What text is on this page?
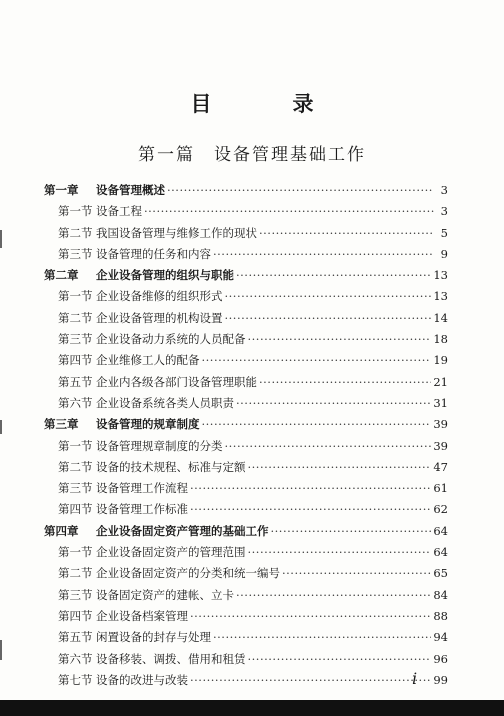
目　录
第一篇　设备管理基础工作
第一章	设备管理概述 ·····	3
第一节 设备工程 ·····	3
第二节 我国设备管理与维修工作的现状 ·····	5
第三节 设备管理的任务和内容 ·····	9
第二章	企业设备管理的组织与职能 ·····	13
第一节 企业设备维修的组织形式 ·····	13
第二节 企业设备管理的机构设置 ·····	14
第三节 企业设备动力系统的人员配备 ·····	18
第四节 企业维修工人的配备 ·····	19
第五节 企业内各级各部门设备管理职能 ·····	21
第六节 企业设备系统各类人员职责 ·····	31
第三章	设备管理的规章制度 ·····	39
第一节 设备管理规章制度的分类 ·····	39
第二节 设备的技术规程、标准与定额 ·····	47
第三节 设备管理工作流程 ·····	61
第四节 设备管理工作标准 ·····	62
第四章	企业设备固定资产管理的基础工作 ·····	64
第一节 企业设备固定资产的管理范围 ·····	64
第二节 企业设备固定资产的分类和统一编号 ·····	65
第三节 设备固定资产的建帐、立卡 ·····	84
第四节 企业设备档案管理 ·····	88
第五节 闲置设备的封存与处理 ·····	94
第六节 设备移装、调拨、借用和租赁 ·····	96
第七节 设备的改进与改装 ·····	99
i
